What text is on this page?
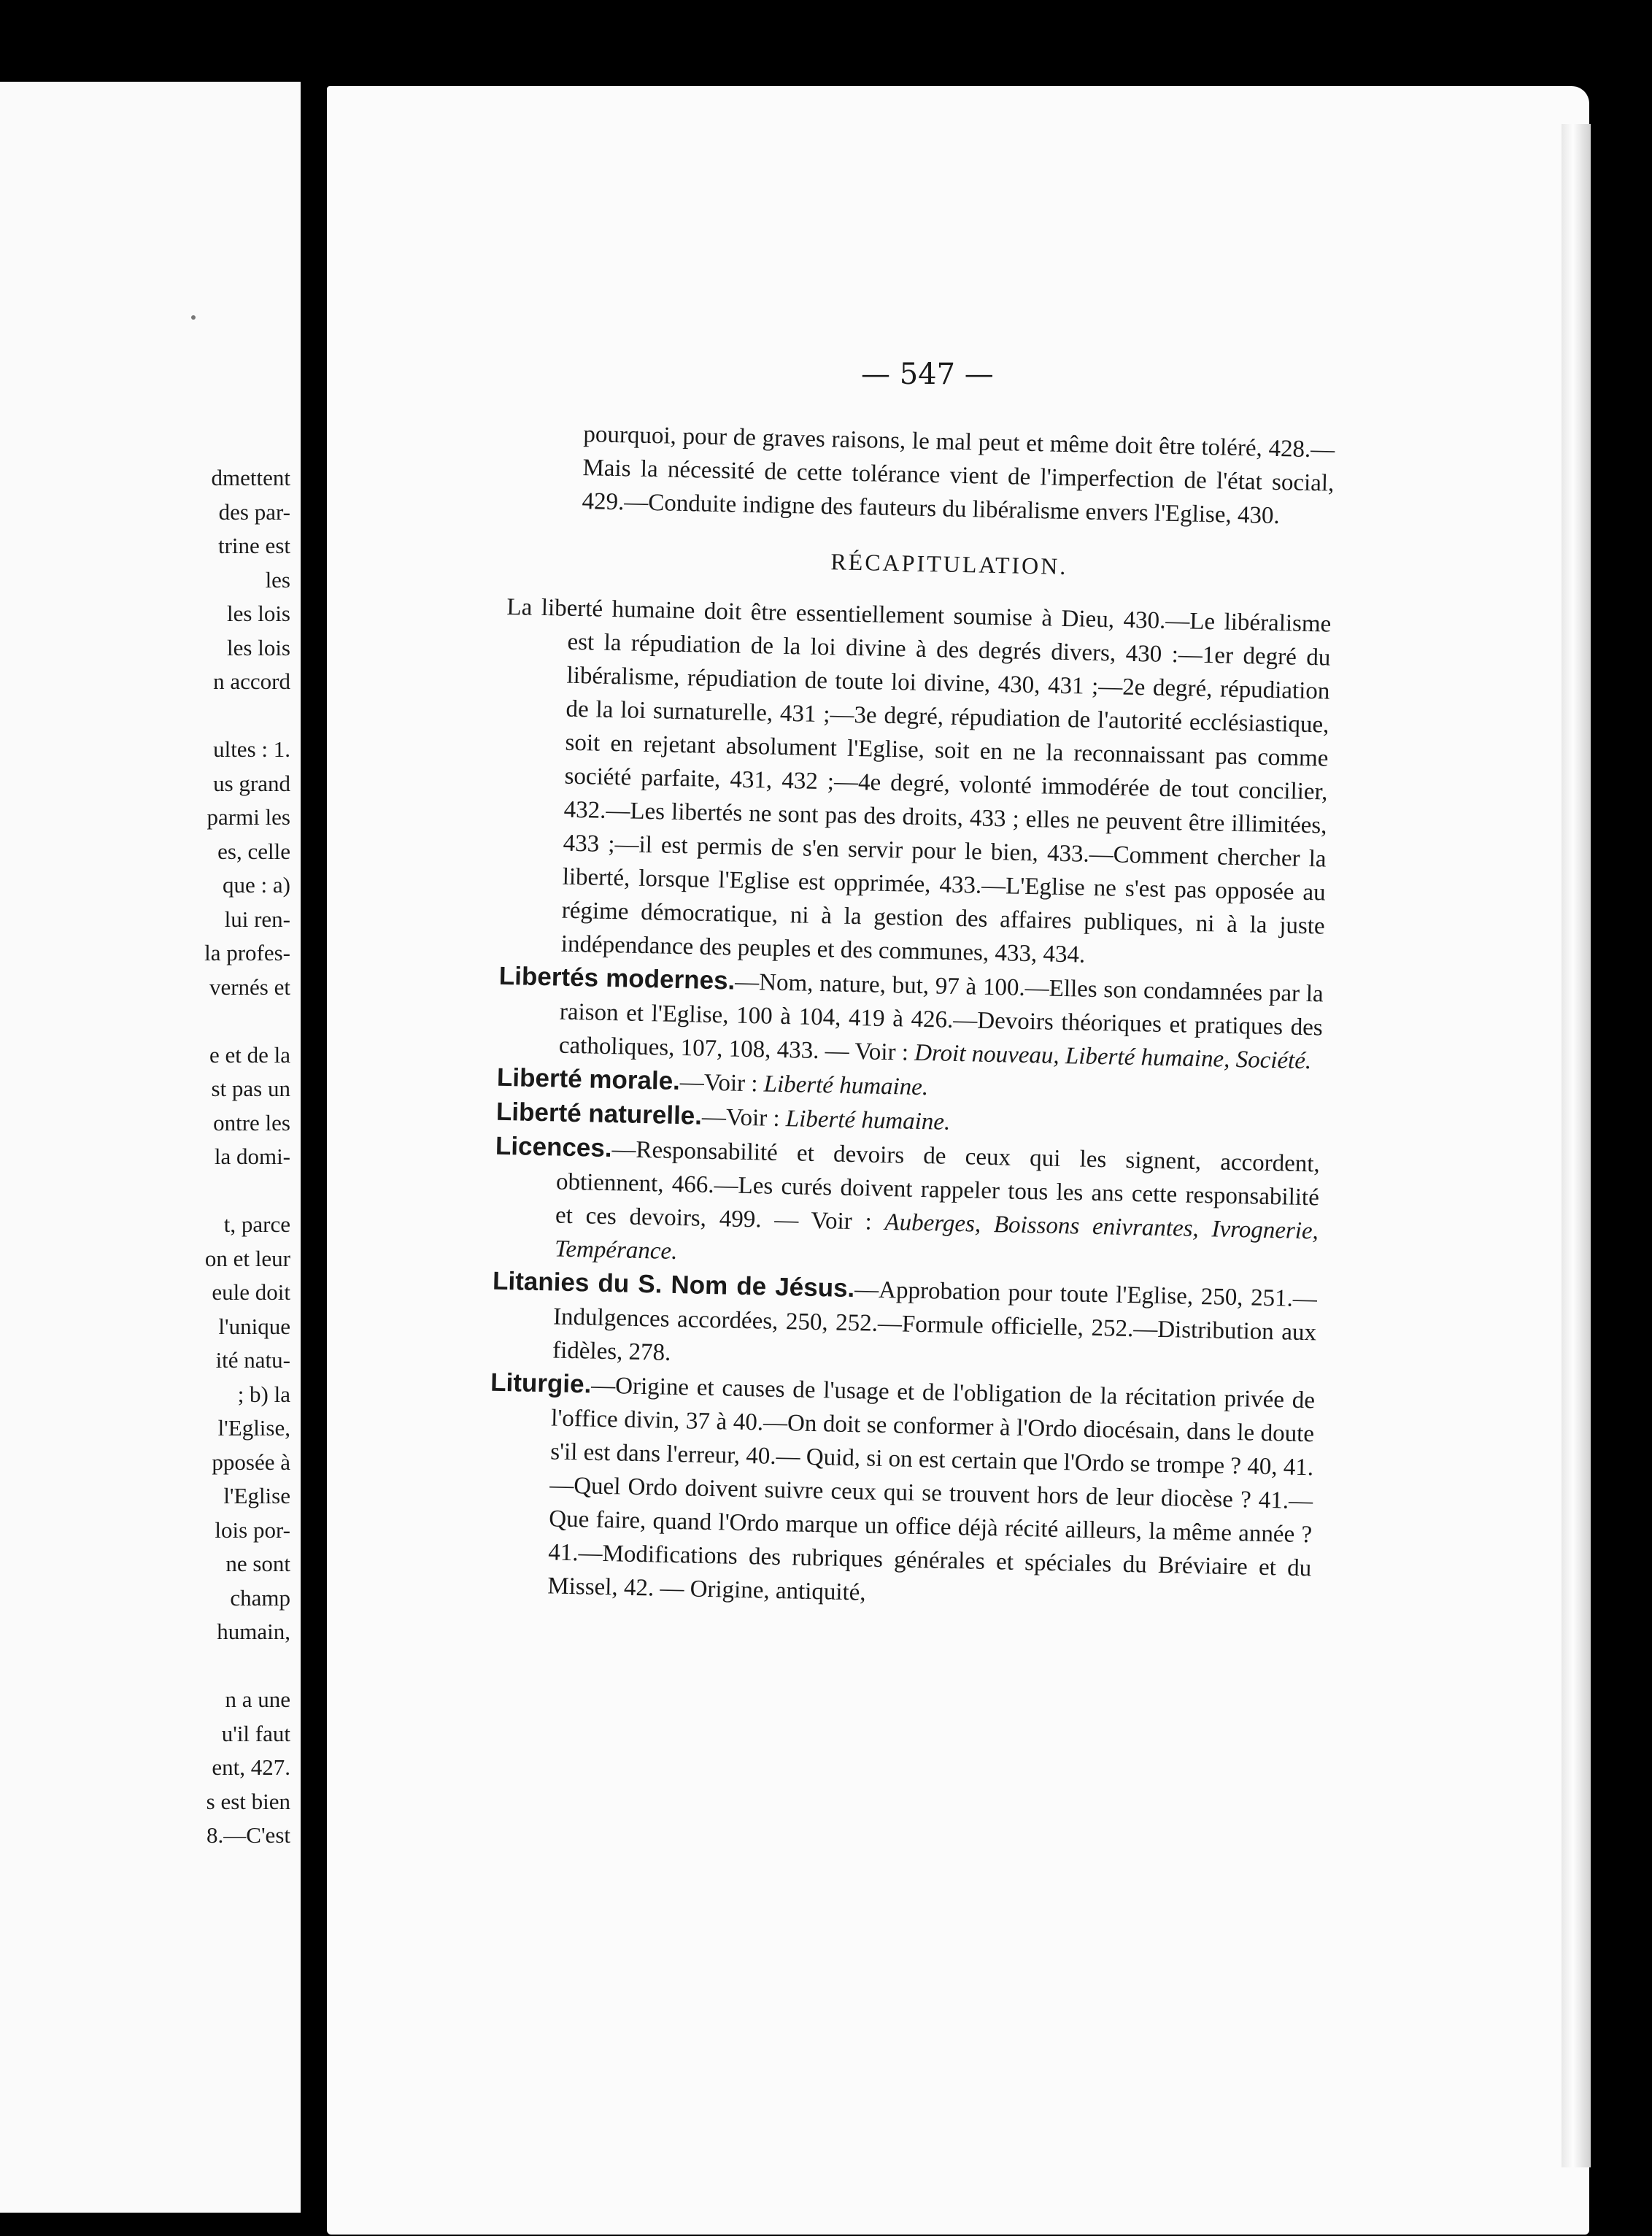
dmettent
des par-
trine est
les
les lois
les lois
n accord
ultes : 1.
us grand
parmi les
es, celle
que : a)
lui ren-
la profes-
vernés et
e et de la
st pas un
ontre les
la domi-
t, parce
on et leur
eule doit
l'unique
ité natu-
; b) la
l'Eglise,
pposée à
l'Eglise
lois por-
ne sont
champ
humain,
n a une
u'il faut
ent, 427.
s est bien
8.—C'est
— 547 —

pourquoi, pour de graves raisons, le mal peut et même doit être toléré, 428.—Mais la nécessité de cette tolérance vient de l'imperfection de l'état social, 429.—Conduite indigne des fauteurs du libéralisme envers l'Eglise, 430.

RÉCAPITULATION.

La liberté humaine doit être essentiellement soumise à Dieu, 430.—Le libéralisme est la répudiation de la loi divine à des degrés divers, 430 :—1er degré du libéralisme, répudiation de toute loi divine, 430, 431 ;—2e degré, répudiation de la loi surnaturelle, 431 ;—3e degré, répudiation de l'autorité ecclésiastique, soit en rejetant absolument l'Eglise, soit en ne la reconnaissant pas comme société parfaite, 431, 432 ;—4e degré, volonté immodérée de tout concilier, 432.—Les libertés ne sont pas des droits, 433 ; elles ne peuvent être illimitées, 433 ;—il est permis de s'en servir pour le bien, 433.—Comment chercher la liberté, lorsque l'Eglise est opprimée, 433.—L'Eglise ne s'est pas opposée au régime démocratique, ni à la gestion des affaires publiques, ni à la juste indépendance des peuples et des communes, 433, 434.

Libertés modernes.—Nom, nature, but, 97 à 100.—Elles son condamnées par la raison et l'Eglise, 100 à 104, 419 à 426.—Devoirs théoriques et pratiques des catholiques, 107, 108, 433. — Voir : Droit nouveau, Liberté humaine, Société.

Liberté morale.—Voir : Liberté humaine.

Liberté naturelle.—Voir : Liberté humaine.

Licences.—Responsabilité et devoirs de ceux qui les signent, accordent, obtiennent, 466.—Les curés doivent rappeler tous les ans cette responsabilité et ces devoirs, 499. — Voir : Auberges, Boissons enivrantes, Ivrognerie, Tempérance.

Litanies du S. Nom de Jésus.—Approbation pour toute l'Eglise, 250, 251.—Indulgences accordées, 250, 252.—Formule officielle, 252.—Distribution aux fidèles, 278.

Liturgie.—Origine et causes de l'usage et de l'obligation de la récitation privée de l'office divin, 37 à 40.—On doit se conformer à l'Ordo diocésain, dans le doute s'il est dans l'erreur, 40.— Quid, si on est certain que l'Ordo se trompe ? 40, 41.—Quel Ordo doivent suivre ceux qui se trouvent hors de leur diocèse ? 41.—Que faire, quand l'Ordo marque un office déjà récité ailleurs, la même année ? 41.—Modifications des rubriques générales et spéciales du Bréviaire et du Missel, 42. — Origine, antiquité,
